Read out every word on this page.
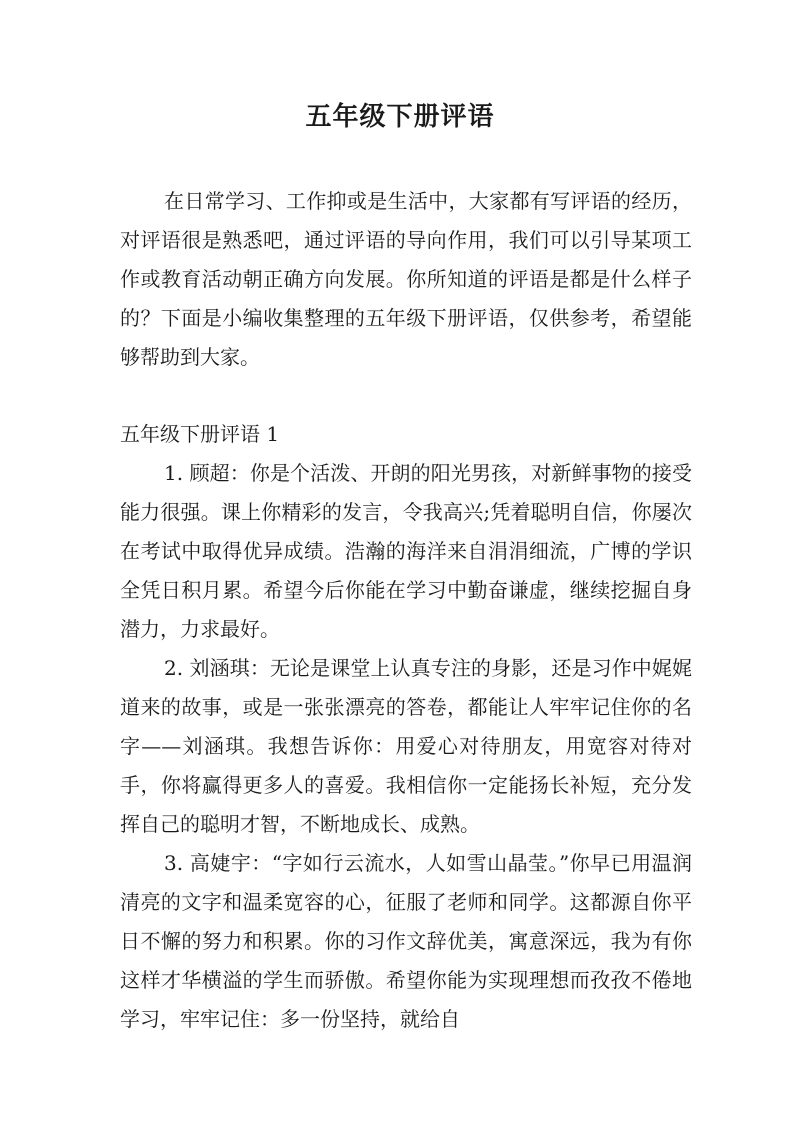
五年级下册评语

在日常学习、工作抑或是生活中，大家都有写评语的经历，对评语很是熟悉吧，通过评语的导向作用，我们可以引导某项工作或教育活动朝正确方向发展。你所知道的评语是都是什么样子的？下面是小编收集整理的五年级下册评语，仅供参考，希望能够帮助到大家。

五年级下册评语 1

1. 顾超：你是个活泼、开朗的阳光男孩，对新鲜事物的接受能力很强。课上你精彩的发言，令我高兴;凭着聪明自信，你屡次在考试中取得优异成绩。浩瀚的海洋来自涓涓细流，广博的学识全凭日积月累。希望今后你能在学习中勤奋谦虚，继续挖掘自身潜力，力求最好。

2. 刘涵琪：无论是课堂上认真专注的身影，还是习作中娓娓道来的故事，或是一张张漂亮的答卷，都能让人牢牢记住你的名字——刘涵琪。我想告诉你：用爱心对待朋友，用宽容对待对手，你将赢得更多人的喜爱。我相信你一定能扬长补短，充分发挥自己的聪明才智，不断地成长、成熟。

3. 高婕宇：“字如行云流水，人如雪山晶莹。”你早已用温润清亮的文字和温柔宽容的心，征服了老师和同学。这都源自你平日不懈的努力和积累。你的习作文辞优美，寓意深远，我为有你这样才华横溢的学生而骄傲。希望你能为实现理想而孜孜不倦地学习，牢牢记住：多一份坚持，就给自
